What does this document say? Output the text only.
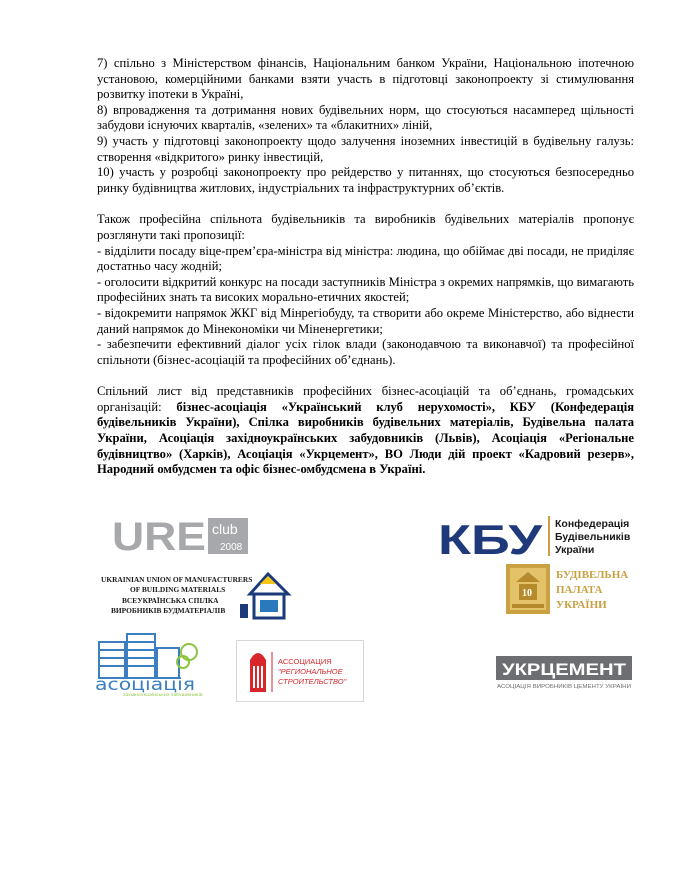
7) спільно з Міністерством фінансів, Національним банком України, Національною іпотечною установою, комерційними банками взяти участь в підготовці законопроекту зі стимулювання розвитку іпотеки в Україні,

8) впровадження та дотримання нових будівельних норм, що стосуються насамперед щільності забудови існуючих кварталів, «зелених» та «блакитних» ліній,

9) участь у підготовці законопроекту щодо залучення іноземних інвестицій в будівельну галузь: створення «відкритого» ринку інвестицій,

10) участь у розробці законопроекту про рейдерство у питаннях, що стосуються безпосередньо ринку будівництва житлових, індустріальних та інфраструктурних об’єктів.

Також професійна спільнота будівельників та виробників будівельних матеріалів пропонує розглянути такі пропозиції:

- відділити посаду віце-прем’єра-міністра від міністра: людина, що обіймає дві посади, не приділяє достатньо часу жодній;

- оголосити відкритий конкурс на посади заступників Міністра з окремих напрямків, що вимагають професійних знать та високих морально-етичних якостей;

- відокремити напрямок ЖКГ від Мінрегіобуду, та створити або окреме Міністерство, або віднести даний напрямок до Мінекономіки чи Міненергетики;

- забезпечити ефективний діалог усіх гілок влади (законодавчою та виконавчої) та професійної спільноти (бізнес-асоціацій та професійних об’єднань).

Спільний лист від представників професійних бізнес-асоціацій та об’єднань, громадських організацій: бізнес-асоціація «Український клуб нерухомості», КБУ (Конфедерація будівельників України), Спілка виробників будівельних матеріалів, Будівельна палата України, Асоціація західноукраїнських забудовників (Львів), Асоціація «Регіональне будівництво» (Харків), Асоціація «Укрцемент», ВО Люди дій проект «Кадровий резерв», Народний омбудсмен та офіс бізнес-омбудсмена в Україні.

URE club
2008	КБУ Конфедерація
Будівельників
України
UKRAINIAN UNION OF MANUFACTURERS
OF BUILDING MATERIALS
ВСЕУКРАЇНСЬКА СПІЛКА
ВИРОБНИКІВ БУДМАТЕРІАЛІВ
10
БУДІВЕЛЬНА
ПАЛАТА
УКРАЇНИ
асоціація
західноукраїнських забудовників
АССОЦИАЦИЯ
"РЕГИОНАЛЬНОЕ
СТРОИТЕЛЬСТВО"
УКРЦЕМЕНТ
АСОЦІАЦІЯ ВИРОБНИКІВ ЦЕМЕНТУ УКРАЇНИ
